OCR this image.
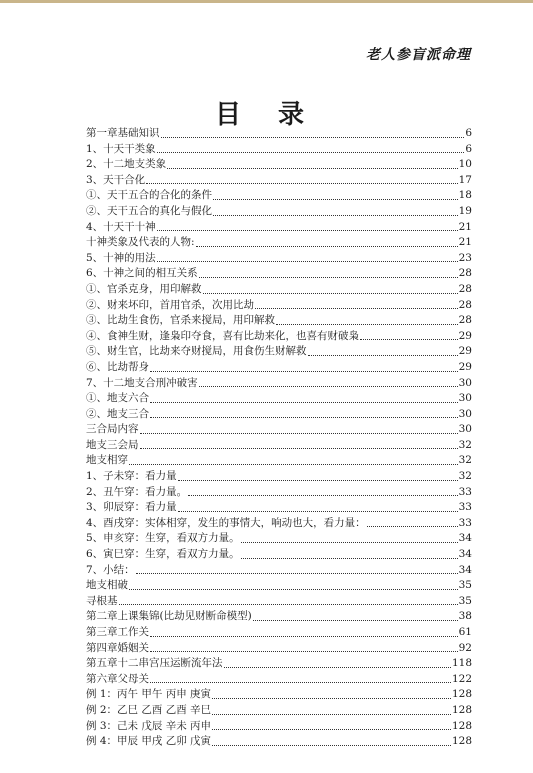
老人参盲派命理
目 录
第一章基础知识	6
1、十天干类象	6
2、十二地支类象	10
3、天干合化	17
①、天干五合的合化的条件	18
②、天干五合的真化与假化	19
4、十天干十神	21
十神类象及代表的人物:	21
5、十神的用法	23
6、十神之间的相互关系	28
①、官杀克身，用印解救	28
②、财来坏印，首用官杀，次用比劫	28
③、比劫生食伤，官杀来搅局，用印解救	28
④、食神生财，逢枭印夺食，喜有比劫来化，也喜有财破枭	29
⑤、财生官，比劫来夺财搅局，用食伤生财解救	29
⑥、比劫帮身	29
7、十二地支合刑冲破害	30
①、地支六合	30
②、地支三合	30
三合局内容	30
地支三会局	32
地支相穿	32
1、子未穿：看力量	32
2、丑午穿：看力量。	33
3、卯辰穿：看力量	33
4、酉戌穿：实体相穿，发生的事情大，响动也大，看力量：	33
5、申亥穿：生穿，看双方力量。	34
6、寅巳穿：生穿，看双方力量。	34
7、小结：	34
地支相破	35
寻根基	35
第二章上课集锦(比劫见财断命模型)	38
第三章工作关	61
第四章婚姻关	92
第五章十二串宫压运断流年法	118
第六章父母关	122
例 1：丙午 甲午 丙申 庚寅	128
例 2：乙巳 乙酉 乙酉 辛巳	128
例 3：己未 戊辰 辛未 丙申	128
例 4：甲辰 甲戌 乙卯 戊寅	128
